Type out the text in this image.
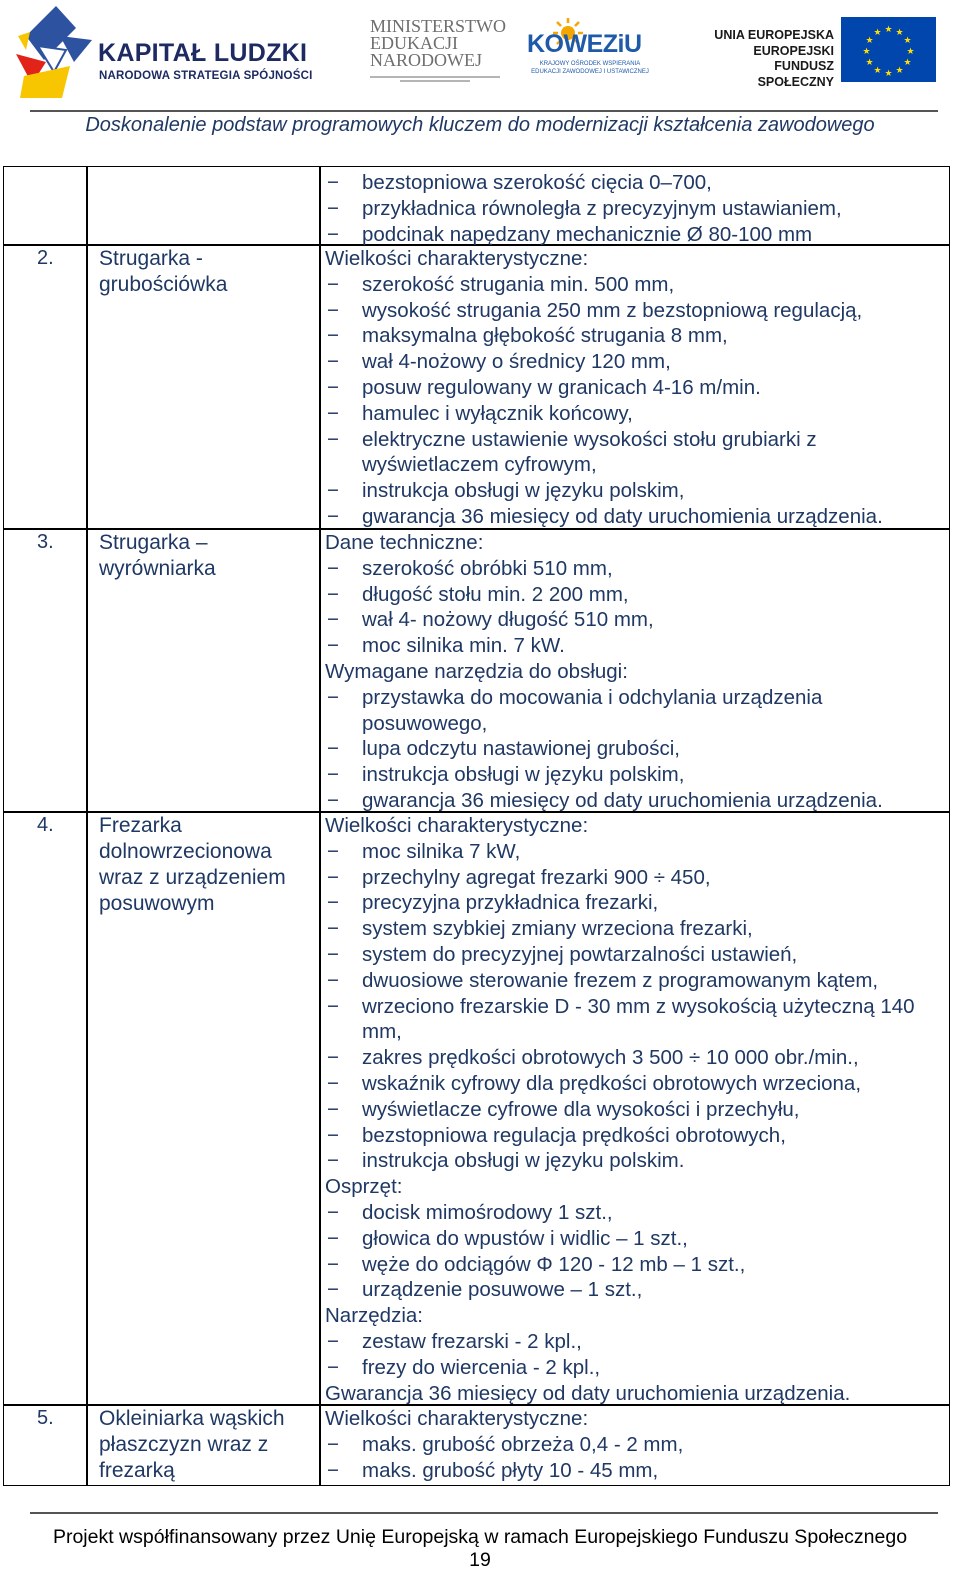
KAPITAŁ LUDZKI
NARODOWA STRATEGIA SPÓJNOŚCI
MINISTERSTWO
EDUKACJI
NARODOWEJ
KOWEZiU
KRAJOWY OŚRODEK WSPIERANIA
EDUKACJI ZAWODOWEJ I USTAWICZNEJ
UNIA EUROPEJSKA
EUROPEJSKI
FUNDUSZ SPOŁECZNY
★ ★
★
★
★
★
★
★
★
★
★
★
Doskonalenie podstaw programowych kluczem do modernizacji kształcenia zawodowego
− bezstopniowa szerokość cięcia 0–700,
− przykładnica równoległa z precyzyjnym ustawianiem,
− podcinak napędzany mechanicznie Ø 80-100 mm
2. Strugarka - grubościówka
Wielkości charakterystyczne:
− szerokość strugania min. 500 mm,
− wysokość strugania 250 mm z bezstopniową regulacją,
− maksymalna głębokość strugania 8 mm,
− wał 4-nożowy o średnicy 120 mm,
− posuw regulowany w granicach 4-16 m/min.
− hamulec i wyłącznik końcowy,
− elektryczne ustawienie wysokości stołu grubiarki z wyświetlaczem cyfrowym,
− instrukcja obsługi w języku polskim,
− gwarancja 36 miesięcy od daty uruchomienia urządzenia.
3. Strugarka – wyrówniarka
Dane techniczne:
− szerokość obróbki 510 mm,
− długość stołu min. 2 200 mm,
− wał 4- nożowy długość 510 mm,
− moc silnika min. 7 kW.
Wymagane narzędzia do obsługi:
− przystawka do mocowania i odchylania urządzenia posuwowego,
− lupa odczytu nastawionej grubości,
− instrukcja obsługi w języku polskim,
− gwarancja 36 miesięcy od daty uruchomienia urządzenia.
4. Frezarka dolnowrzecionowa wraz z urządzeniem posuwowym
Wielkości charakterystyczne:
− moc silnika 7 kW,
− przechylny agregat frezarki 900 ÷ 450,
− precyzyjna przykładnica frezarki,
− system szybkiej zmiany wrzeciona frezarki,
− system do precyzyjnej powtarzalności ustawień,
− dwuosiowe sterowanie frezem z programowanym kątem,
− wrzeciono frezarskie D - 30 mm z wysokością użyteczną 140 mm,
− zakres prędkości obrotowych 3 500 ÷ 10 000 obr./min.,
− wskaźnik cyfrowy dla prędkości obrotowych wrzeciona,
− wyświetlacze cyfrowe dla wysokości i przechyłu,
− bezstopniowa regulacja prędkości obrotowych,
− instrukcja obsługi w języku polskim.
Osprzęt:
− docisk mimośrodowy 1 szt.,
− głowica do wpustów i widlic – 1 szt.,
− węże do odciągów Φ 120 - 12 mb – 1 szt.,
− urządzenie posuwowe – 1 szt.,
Narzędzia:
− zestaw frezarski - 2 kpl.,
− frezy do wiercenia - 2 kpl.,
Gwarancja 36 miesięcy od daty uruchomienia urządzenia.
5. Okleiniarka wąskich płaszczyzn wraz z frezarką
Wielkości charakterystyczne:
− maks. grubość obrzeża 0,4 - 2 mm,
− maks. grubość płyty 10 - 45 mm,
Projekt współfinansowany przez Unię Europejską w ramach Europejskiego Funduszu Społecznego
19
